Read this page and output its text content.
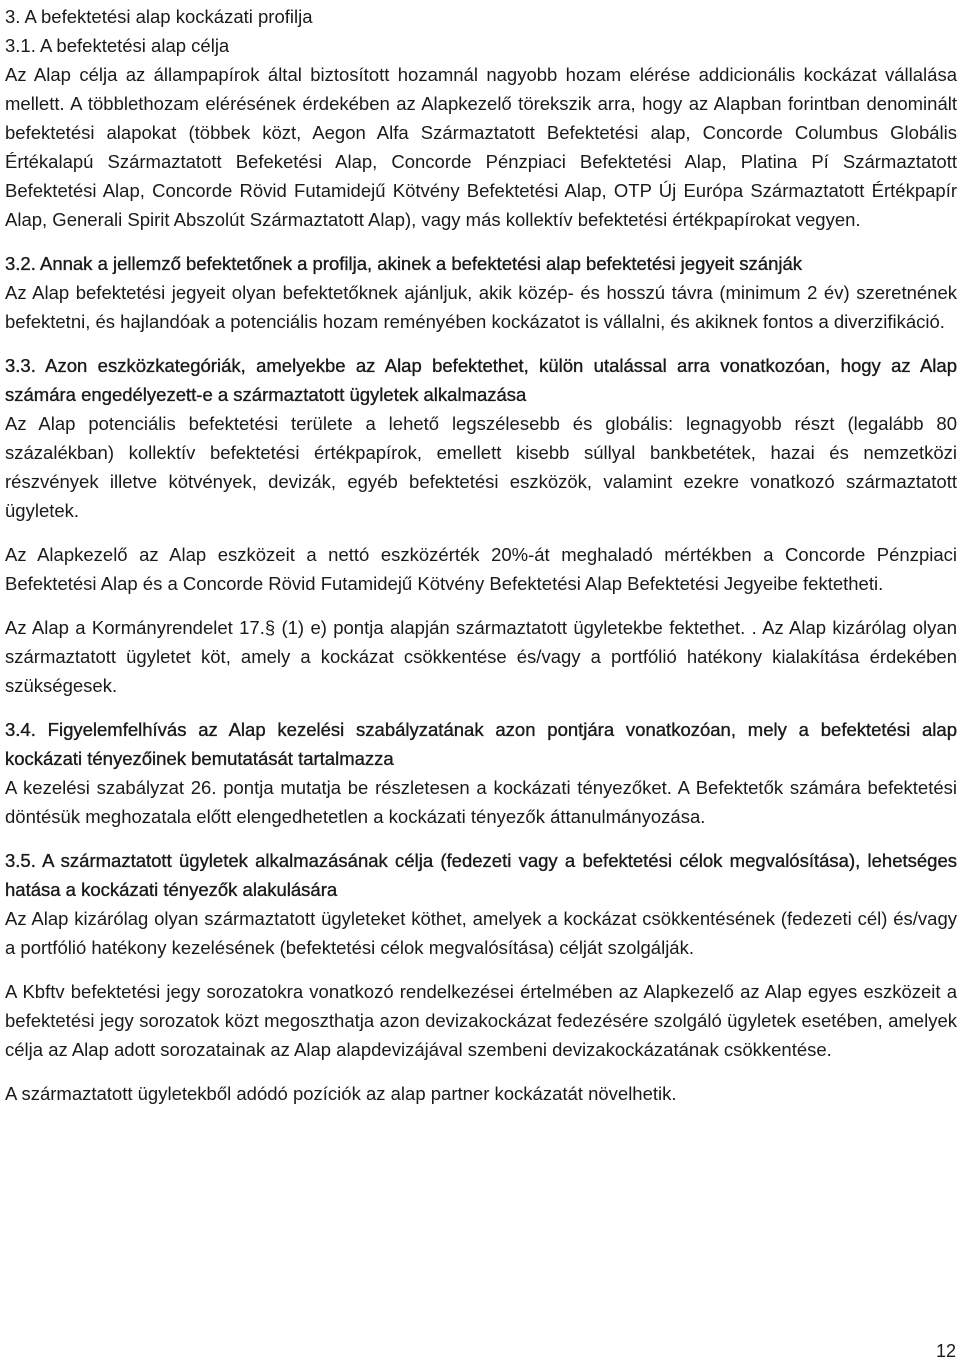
3. A befektetési alap kockázati profilja

3.1. A befektetési alap célja

Az Alap célja az állampapírok által biztosított hozamnál nagyobb hozam elérése addicionális kockázat vállalása mellett. A többlethozam elérésének érdekében az Alapkezelő törekszik arra, hogy az Alapban forintban denominált befektetési alapokat (többek közt, Aegon Alfa Származtatott Befektetési alap, Concorde Columbus Globális Értékalapú Származtatott Befeketési Alap, Concorde Pénzpiaci Befektetési Alap, Platina Pí Származtatott Befektetési Alap, Concorde Rövid Futamidejű Kötvény Befektetési Alap, OTP Új Európa Származtatott Értékpapír Alap, Generali Spirit Abszolút Származtatott Alap), vagy más kollektív befektetési értékpapírokat vegyen.

3.2. Annak a jellemző befektetőnek a profilja, akinek a befektetési alap befektetési jegyeit szánják

Az Alap befektetési jegyeit olyan befektetőknek ajánljuk, akik közép- és hosszú távra (minimum 2 év) szeretnének befektetni, és hajlandóak a potenciális hozam reményében kockázatot is vállalni, és akiknek fontos a diverzifikáció.

3.3. Azon eszközkategóriák, amelyekbe az Alap befektethet, külön utalással arra vonatkozóan, hogy az Alap számára engedélyezett-e a származtatott ügyletek alkalmazása

Az Alap potenciális befektetési területe a lehető legszélesebb és globális: legnagyobb részt (legalább 80 százalékban) kollektív befektetési értékpapírok, emellett kisebb súllyal bankbetétek, hazai és nemzetközi részvények illetve kötvények, devizák, egyéb befektetési eszközök, valamint ezekre vonatkozó származtatott ügyletek.

Az Alapkezelő az Alap eszközeit a nettó eszközérték 20%-át meghaladó mértékben a Concorde Pénzpiaci Befektetési Alap és a Concorde Rövid Futamidejű Kötvény Befektetési Alap Befektetési Jegyeibe fektetheti.

Az Alap a Kormányrendelet 17.§ (1) e) pontja alapján származtatott ügyletekbe fektethet. . Az Alap kizárólag olyan származtatott ügyletet köt, amely a kockázat csökkentése és/vagy a portfólió hatékony kialakítása érdekében szükségesek.

3.4. Figyelemfelhívás az Alap kezelési szabályzatának azon pontjára vonatkozóan, mely a befektetési alap kockázati tényezőinek bemutatását tartalmazza

A kezelési szabályzat 26. pontja mutatja be részletesen a kockázati tényezőket. A Befektetők számára befektetési döntésük meghozatala előtt elengedhetetlen a kockázati tényezők áttanulmányozása.

3.5. A származtatott ügyletek alkalmazásának célja (fedezeti vagy a befektetési célok megvalósítása), lehetséges hatása a kockázati tényezők alakulására

Az Alap kizárólag olyan származtatott ügyleteket köthet, amelyek a kockázat csökkentésének (fedezeti cél) és/vagy a portfólió hatékony kezelésének (befektetési célok megvalósítása) célját szolgálják.

A Kbftv befektetési jegy sorozatokra vonatkozó rendelkezései értelmében az Alapkezelő az Alap egyes eszközeit a befektetési jegy sorozatok közt megoszthatja azon devizakockázat fedezésére szolgáló ügyletek esetében, amelyek célja az Alap adott sorozatainak az Alap alapdevizájával szembeni devizakockázatának csökkentése.

A származtatott ügyletekből adódó pozíciók az alap partner kockázatát növelhetik.

12
